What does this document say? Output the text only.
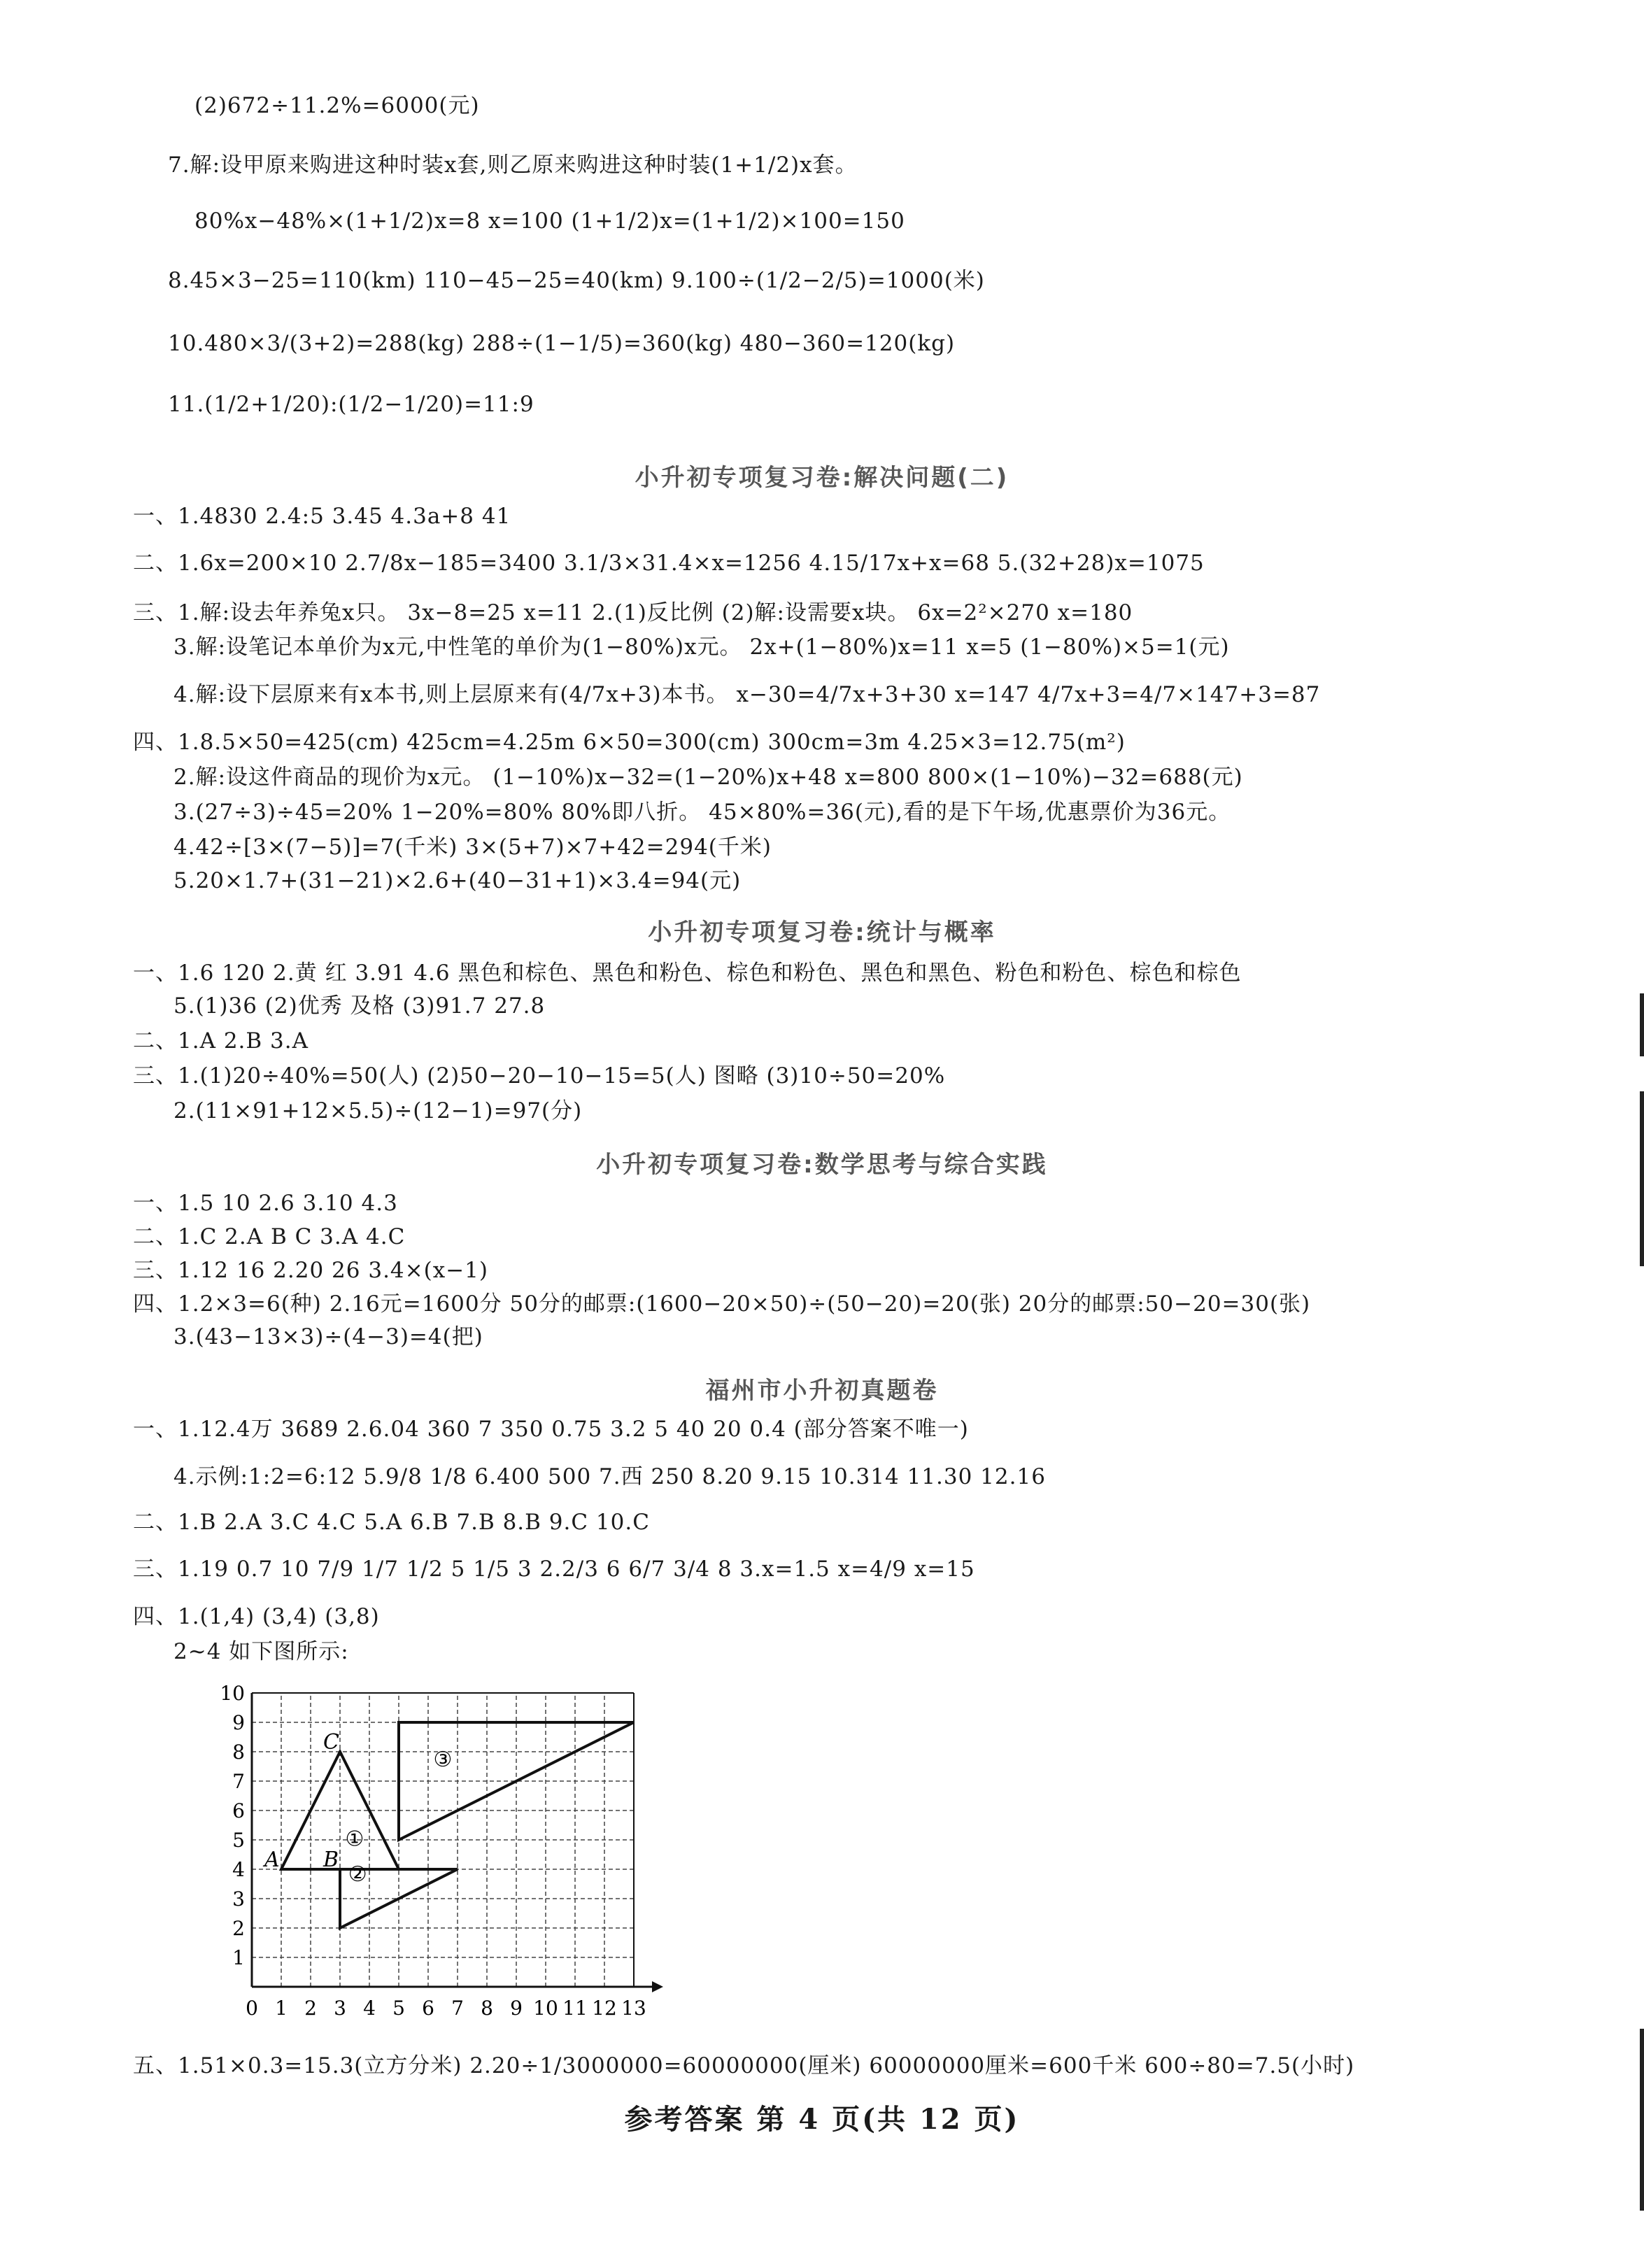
(2)672÷11.2%=6000(元)
7.解:设甲原来购进这种时装x套,则乙原来购进这种时装(1+1/2)x套。
80%x−48%×(1+1/2)x=8 x=100 (1+1/2)x=(1+1/2)×100=150
8.45×3−25=110(km) 110−45−25=40(km) 9.100÷(1/2−2/5)=1000(米)
10.480×3/(3+2)=288(kg) 288÷(1−1/5)=360(kg) 480−360=120(kg)
11.(1/2+1/20):(1/2−1/20)=11:9
小升初专项复习卷:解决问题(二)
一、1.4830 2.4:5 3.45 4.3a+8 41
二、1.6x=200×10 2.7/8x−185=3400 3.1/3×31.4×x=1256 4.15/17x+x=68 5.(32+28)x=1075
三、1.解:设去年养兔x只。 3x−8=25 x=11 2.(1)反比例 (2)解:设需要x块。 6x=2²×270 x=180
3.解:设笔记本单价为x元,中性笔的单价为(1−80%)x元。 2x+(1−80%)x=11 x=5 (1−80%)×5=1(元)
4.解:设下层原来有x本书,则上层原来有(4/7x+3)本书。 x−30=4/7x+3+30 x=147 4/7x+3=4/7×147+3=87
四、1.8.5×50=425(cm) 425cm=4.25m 6×50=300(cm) 300cm=3m 4.25×3=12.75(m²)
2.解:设这件商品的现价为x元。 (1−10%)x−32=(1−20%)x+48 x=800 800×(1−10%)−32=688(元)
3.(27÷3)÷45=20% 1−20%=80% 80%即八折。 45×80%=36(元),看的是下午场,优惠票价为36元。
4.42÷[3×(7−5)]=7(千米) 3×(5+7)×7+42=294(千米)
5.20×1.7+(31−21)×2.6+(40−31+1)×3.4=94(元)
小升初专项复习卷:统计与概率
一、1.6 120 2.黄 红 3.91 4.6 黑色和棕色、黑色和粉色、棕色和粉色、黑色和黑色、粉色和粉色、棕色和棕色
5.(1)36 (2)优秀 及格 (3)91.7 27.8
二、1.A 2.B 3.A
三、1.(1)20÷40%=50(人) (2)50−20−10−15=5(人) 图略 (3)10÷50=20%
2.(11×91+12×5.5)÷(12−1)=97(分)
小升初专项复习卷:数学思考与综合实践
一、1.5 10 2.6 3.10 4.3
二、1.C 2.A B C 3.A 4.C
三、1.12 16 2.20 26 3.4×(x−1)
四、1.2×3=6(种) 2.16元=1600分 50分的邮票:(1600−20×50)÷(50−20)=20(张) 20分的邮票:50−20=30(张)
3.(43−13×3)÷(4−3)=4(把)
福州市小升初真题卷
一、1.12.4万 3689 2.6.04 360 7 350 0.75 3.2 5 40 20 0.4 (部分答案不唯一)
4.示例:1:2=6:12 5.9/8 1/8 6.400 500 7.西 250 8.20 9.15 10.314 11.30 12.16
二、1.B 2.A 3.C 4.C 5.A 6.B 7.B 8.B 9.C 10.C
三、1.19 0.7 10 7/9 1/7 1/2 5 1/5 3 2.2/3 6 6/7 3/4 8 3.x=1.5 x=4/9 x=15
四、1.(1,4) (3,4) (3,8)
2~4 如下图所示:
0 1 2 3 4 5 6 7 8 9 10 11 12 13
1
2
3
4
5
6
7
8
9
10
A B
C
①
②
③
五、1.51×0.3=15.3(立方分米) 2.20÷1/3000000=60000000(厘米) 60000000厘米=600千米 600÷80=7.5(小时)
参考答案 第 4 页(共 12 页)
